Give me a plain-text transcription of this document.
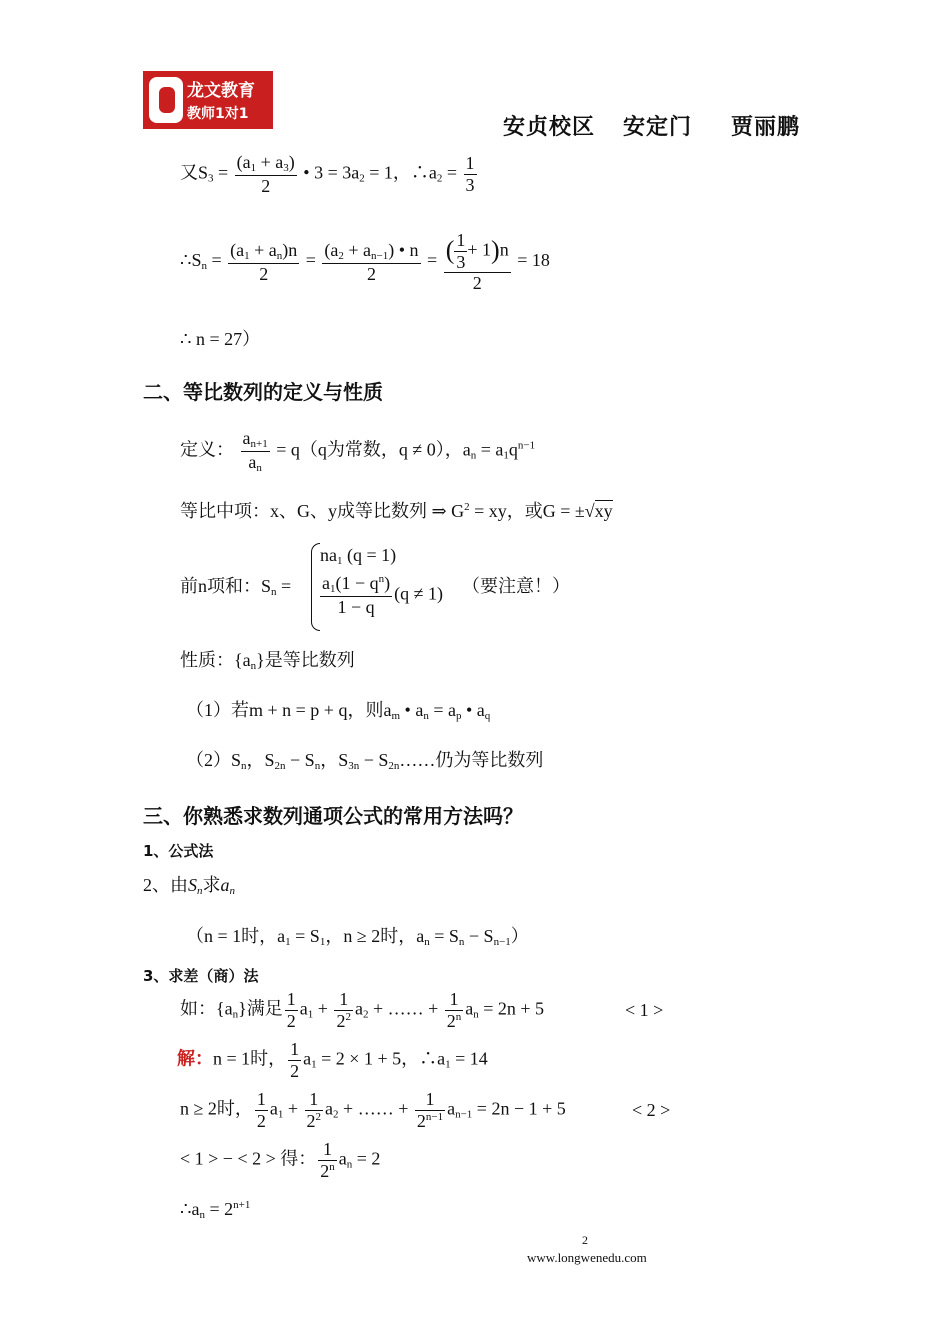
龙文教育
教师1对1
安贞校区 安定门 贾丽鹏
又$S_3 = \frac{(a_1 + a_3)}{2}$ • $3 = 3a_2 = 1$，$\therefore a_2 = \frac{1}{3}$
$\therefore S_n = \frac{(a_1 + a_n)n}{2} = \frac{(a_2 + a_{n-1}) • n}{2} = \frac{( \frac{1}{3} + 1)n}{2} = 18$
∴ n = 27）
二、等比数列的定义与性质
定义： $\frac{a_{n+1}}{a_n} = q(q$为常数，q ≠ 0），$a_n = a_1q^{n-1}$
等比中项：x、G、y成等比数列 ⇒ $G^2$ = xy，或G = ±√xy
前n项和：$S_n$ =
$na_1$ (q = 1)
$\frac{a_1(1 - q^n)}{1 - q} (q \ne 1)$ （要注意！）
性质：$\{a_n\}$是等比数列
（1）若m + n = p + q，则$a_m$ • $a_n = a_p$ • $a_q$
$(2)S_n$，$S_{2n} - S_n$，$S_{3n}$ − $S_{2n}\dots\dots$仍为等比数列
三、你熟悉求数列通项公式的常用方法吗？
1、公式法
2、由$S_n$求$a_n$
（n = 1时，$a_1 = S_1$，n ≥ 2时，$a_n = S_n - S_{n-1}$）
3、求差（商）法
如：$\{a_n\}$满足 $\frac{1}{2} a_1 + \frac{1}{2^2} a_2$ + …… + $\frac{1}{2^n} a_n = 2n + 5$	< 1 >
解：n = 1时， $\frac{1}{2} a_1 = 2 \times 1 + 5$，$\therefore a_1 = 14$
n ≥ 2时， $\frac{1}{2} a_1 + \frac{1}{2^2} a_2$ + …… + $\frac{1}{2^{n-1}} a_{n-1} = 2n - 1 + 5$	< 2 >
< 1 > − < 2 > 得： $\frac{1}{2^n} a_n = 2$
$\therefore a_n = 2^{n+1}$
2
www.longwenedu.com
